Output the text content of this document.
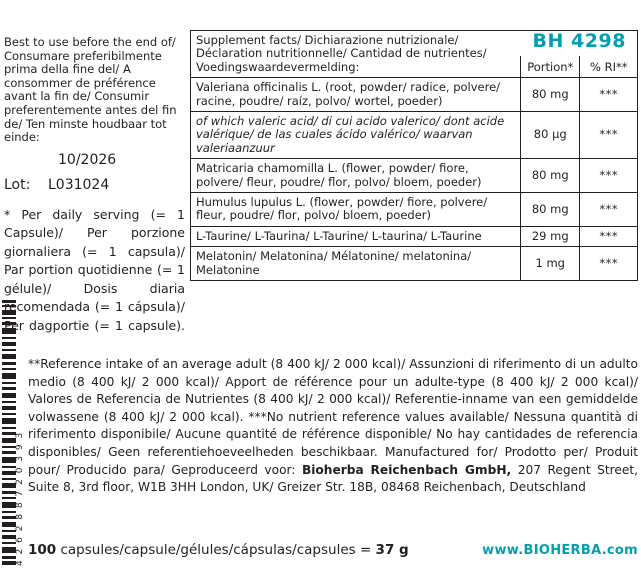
4 2 6 2 8 8 7 2 0 3 9 3
Best to use before the end of/ Consumare preferibilmente prima della fine del/ A consommer de préférence avant la fin de/ Consumir preferentemente antes del fin de/ Ten minste houdbaar tot einde:
10/2026
Lot:	L031024
* Per daily serving (= 1 Capsule)/ Per porzione giornaliera (= 1 capsula)/ Par portion quotidienne (= 1 gélule)/ Dosis diaria recomendada (= 1 cápsula)/ Per dagportie (= 1 capsule).
Supplement facts/ Dichiarazione nutrizionale/ Déclaration nutritionnelle/ Cantidad de nutrientes/ Voedingswaardevermelding:	BH 4298	
	Portion*	% RI**
Valeriana officinalis L. (root, powder/ radice, polvere/ racine, poudre/ raíz, polvo/ wortel, poeder)	80 mg	***
of which valeric acid/ di cui acido valerico/ dont acide valérique/ de las cuales ácido valérico/ waarvan valeriaanzuur	80 µg	***
Matricaria chamomilla L. (flower, powder/ fiore, polvere/ fleur, poudre/ flor, polvo/ bloem, poeder)	80 mg	***
Humulus lupulus L. (flower, powder/ fiore, polvere/ fleur, poudre/ flor, polvo/ bloem, poeder)	80 mg	***
L-Taurine/ L-Taurina/ L-Taurine/ L-taurina/ L-Taurine	29 mg	***
Melatonin/ Melatonina/ Mélatonine/ melatonina/ Melatonine	1 mg	***
**Reference intake of an average adult (8 400 kJ/ 2 000 kcal)/ Assunzioni di riferimento di un adulto medio (8 400 kJ/ 2 000 kcal)/ Apport de référence pour un adulte-type (8 400 kJ/ 2 000 kcal)/ Valores de Referencia de Nutrientes (8 400 kJ/ 2 000 kcal)/ Referentie-inname van een gemiddelde volwassene (8 400 kJ/ 2 000 kcal). ***No nutrient reference values available/ Nessuna quantità di riferimento disponibile/ Aucune quantité de référence disponible/ No hay cantidades de referencia disponibles/ Geen referentiehoeveelheden beschikbaar. Manufactured for/ Prodotto per/ Produit pour/ Producido para/ Geproduceerd voor: Bioherba Reichenbach GmbH, 207 Regent Street, Suite 8, 3rd floor, W1B 3HH London, UK/ Greizer Str. 18B, 08468 Reichenbach, Deutschland
100 capsules/capsule/gélules/cápsulas/capsules = 37 g	www.BIOHERBA.com
